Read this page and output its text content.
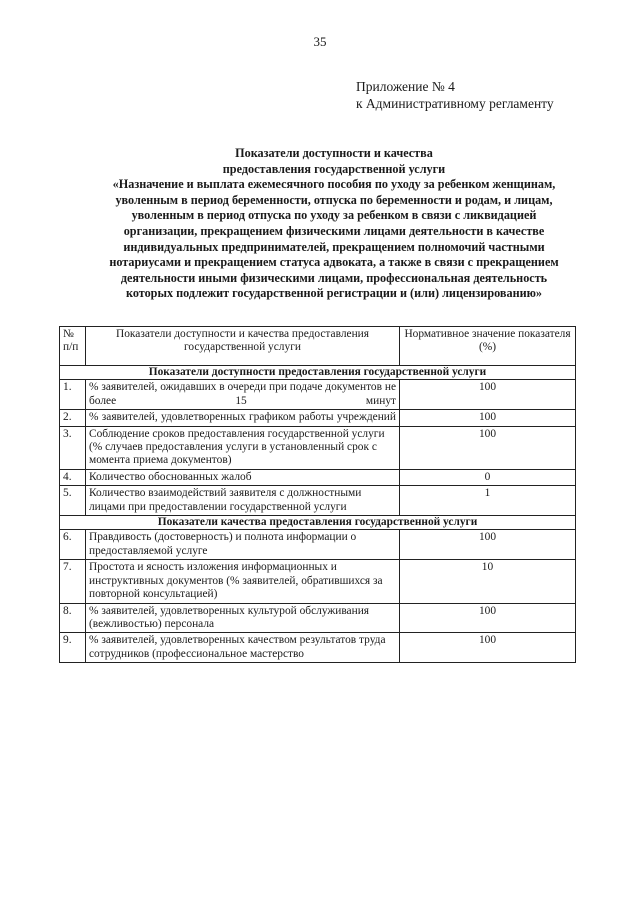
35
Приложение № 4
к Административному регламенту
Показатели доступности и качества
предоставления государственной услуги
«Назначение и выплата ежемесячного пособия по уходу за ребенком женщинам,
уволенным в период беременности, отпуска по беременности и родам, и лицам,
уволенным в период отпуска по уходу за ребенком в связи с ликвидацией
организации, прекращением физическими лицами деятельности в качестве
индивидуальных предпринимателей, прекращением полномочий частными
нотариусами и прекращением статуса адвоката, а также в связи с прекращением
деятельности иными физическими лицами, профессиональная деятельность
которых подлежит государственной регистрации и (или) лицензированию»
№ п/п	Показатели доступности и качества предоставления государственной услуги	Нормативное значение показателя (%)
Показатели доступности предоставления государственной услуги		
1.	% заявителей, ожидавших в очереди при подаче документов не более 15 минут	100
2.	% заявителей, удовлетворенных графиком работы учреждений	100
3.	Соблюдение сроков предоставления государственной услуги (% случаев предоставления услуги в установленный срок с момента приема документов)	100
4.	Количество обоснованных жалоб	0
5.	Количество взаимодействий заявителя с должностными лицами при предоставлении государственной услуги	1
Показатели качества предоставления государственной услуги		
6.	Правдивость (достоверность) и полнота информации о предоставляемой услуге	100
7.	Простота и ясность изложения информационных и инструктивных документов (% заявителей, обратившихся за повторной консультацией)	10
8.	% заявителей, удовлетворенных культурой обслуживания (вежливостью) персонала	100
9.	% заявителей, удовлетворенных качеством результатов труда сотрудников (профессиональное мастерство	100
